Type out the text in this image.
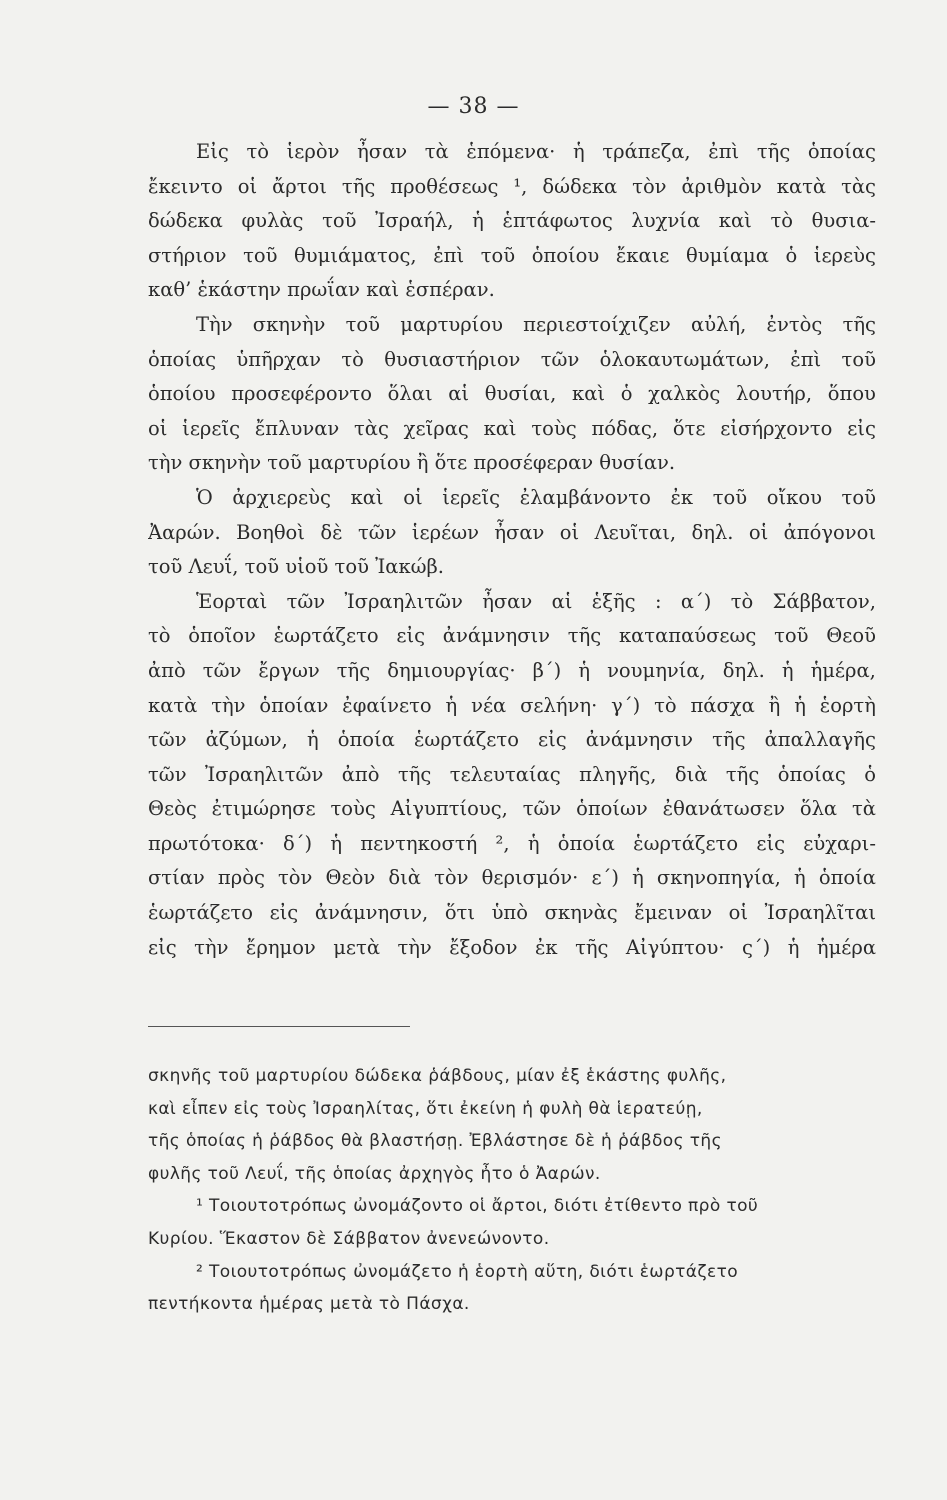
— 38 —
Εἰς τὸ ἱερὸν ἦσαν τὰ ἑπόμενα· ἡ τράπεζα, ἐπὶ τῆς ὁποίας
ἔκειντο οἱ ἄρτοι τῆς προθέσεως ¹, δώδεκα τὸν ἀριθμὸν κατὰ τὰς
δώδεκα φυλὰς τοῦ Ἰσραήλ, ἡ ἑπτάφωτος λυχνία καὶ τὸ θυσια-
στήριον τοῦ θυμιάματος, ἐπὶ τοῦ ὁποίου ἔκαιε θυμίαμα ὁ ἱερεὺς
καθ’ ἑκάστην πρωΐαν καὶ ἑσπέραν.
Τὴν σκηνὴν τοῦ μαρτυρίου περιεστοίχιζεν αὐλή, ἐντὸς τῆς
ὁποίας ὑπῆρχαν τὸ θυσιαστήριον τῶν ὁλοκαυτωμάτων, ἐπὶ τοῦ
ὁποίου προσεφέροντο ὅλαι αἱ θυσίαι, καὶ ὁ χαλκὸς λουτήρ, ὅπου
οἱ ἱερεῖς ἔπλυναν τὰς χεῖρας καὶ τοὺς πόδας, ὅτε εἰσήρχοντο εἰς
τὴν σκηνὴν τοῦ μαρτυρίου ἢ ὅτε προσέφεραν θυσίαν.
Ὁ ἀρχιερεὺς καὶ οἱ ἱερεῖς ἐλαμβάνοντο ἐκ τοῦ οἴκου τοῦ
Ἀαρών. Βοηθοὶ δὲ τῶν ἱερέων ἦσαν οἱ Λευῖται, δηλ. οἱ ἀπόγονοι
τοῦ Λευΐ, τοῦ υἱοῦ τοῦ Ἰακώβ.
Ἑορταὶ τῶν Ἰσραηλιτῶν ἦσαν αἱ ἑξῆς : α΄) τὸ Σάββατον,
τὸ ὁποῖον ἑωρτάζετο εἰς ἀνάμνησιν τῆς καταπαύσεως τοῦ Θεοῦ
ἀπὸ τῶν ἔργων τῆς δημιουργίας· β΄) ἡ νουμηνία, δηλ. ἡ ἡμέρα,
κατὰ τὴν ὁποίαν ἐφαίνετο ἡ νέα σελήνη· γ΄) τὸ πάσχα ἢ ἡ ἑορτὴ
τῶν ἀζύμων, ἡ ὁποία ἑωρτάζετο εἰς ἀνάμνησιν τῆς ἀπαλλαγῆς
τῶν Ἰσραηλιτῶν ἀπὸ τῆς τελευταίας πληγῆς, διὰ τῆς ὁποίας ὁ
Θεὸς ἐτιμώρησε τοὺς Αἰγυπτίους, τῶν ὁποίων ἐθανάτωσεν ὅλα τὰ
πρωτότοκα· δ΄) ἡ πεντηκοστή ², ἡ ὁποία ἑωρτάζετο εἰς εὐχαρι-
στίαν πρὸς τὸν Θεὸν διὰ τὸν θερισμόν· ε΄) ἡ σκηνοπηγία, ἡ ὁποία
ἑωρτάζετο εἰς ἀνάμνησιν, ὅτι ὑπὸ σκηνὰς ἔμειναν οἱ Ἰσραηλῖται
εἰς τὴν ἔρημον μετὰ τὴν ἔξοδον ἐκ τῆς Αἰγύπτου· ς΄) ἡ ἡμέρα
σκηνῆς τοῦ μαρτυρίου δώδεκα ῥάβδους, μίαν ἐξ ἑκάστης φυλῆς,
καὶ εἶπεν εἰς τοὺς Ἰσραηλίτας, ὅτι ἐκείνη ἡ φυλὴ θὰ ἱερατεύῃ,
τῆς ὁποίας ἡ ῥάβδος θὰ βλαστήσῃ. Ἐβλάστησε δὲ ἡ ῥάβδος τῆς
φυλῆς τοῦ Λευΐ, τῆς ὁποίας ἀρχηγὸς ἦτο ὁ Ἀαρών.
¹ Τοιουτοτρόπως ὠνομάζοντο οἱ ἄρτοι, διότι ἐτίθεντο πρὸ τοῦ
Κυρίου. Ἕκαστον δὲ Σάββατον ἀνενεώνοντο.
² Τοιουτοτρόπως ὠνομάζετο ἡ ἑορτὴ αὕτη, διότι ἑωρτάζετο
πεντήκοντα ἡμέρας μετὰ τὸ Πάσχα.
